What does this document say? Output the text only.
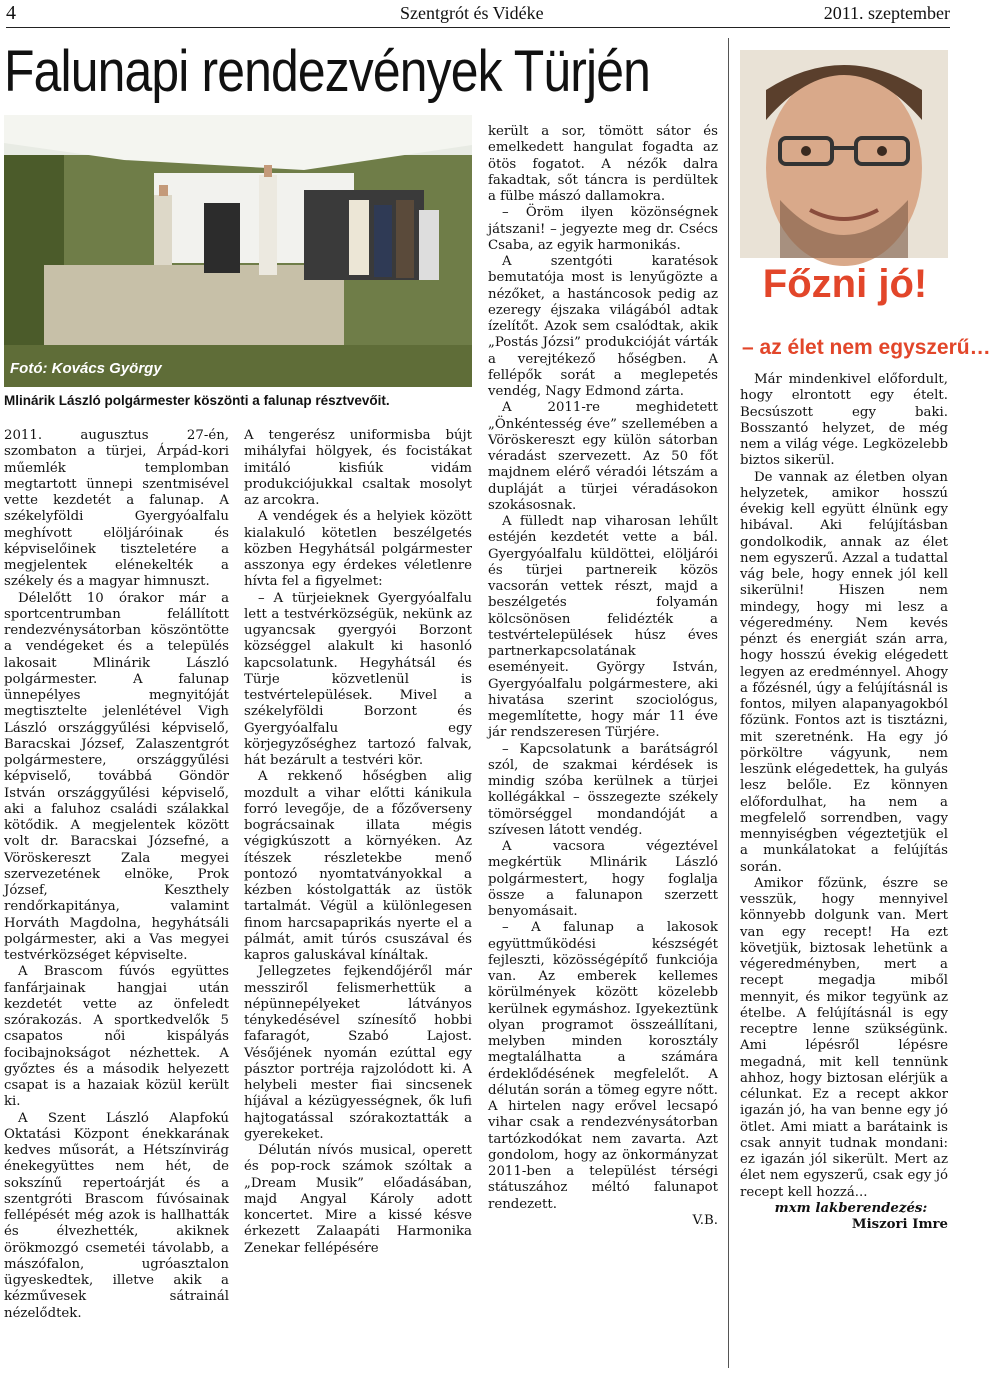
4	Szentgrót és Vidéke	2011. szeptember
Falunapi rendezvények Türjén
Fotó: Kovács György
Mlinárik László polgármester köszönti a falunap résztvevőit.

2011. augusztus 27-én, szombaton a türjei, Árpád-kori műemlék templomban megtartott ünnepi szentmisével vette kezdetét a falunap. A székelyföldi Gyergyóalfalu meghívott elöljáróinak és képviselőinek tiszteletére a megjelentek elénekelték a székely és a magyar himnuszt.

Délelőtt 10 órakor már a sportcentrumban felállított rendezvénysátorban köszöntötte a vendégeket és a település lakosait Mlinárik László polgármester. A falunap ünnepélyes megnyitóját megtisztelte jelenlétével Vigh László országgyűlési képviselő, Baracskai József, Zalaszentgrót polgármestere, országgyűlési képviselő, továbbá Göndör István országgyűlési képviselő, aki a faluhoz családi szálakkal kötődik. A megjelentek között volt dr. Baracskai Józsefné, a Vöröskereszt Zala megyei szervezetének elnöke, Prok József, Keszthely rendőrkapitánya, valamint Horváth Magdolna, hegyhátsáli polgármester, aki a Vas megyei testvérközséget képviselte.

A Brascom fúvós együttes fanfárjainak hangjai után kezdetét vette az önfeledt szórakozás. A sportkedvelők 5 csapatos női kispályás focibajnokságot nézhettek. A győztes és a második helyezett csapat is a hazaiak közül került ki.

A Szent László Alapfokú Oktatási Központ énekkarának kedves műsorát, a Hétszínvirág énekegyüttes nem hét, de sokszínű repertoárját és a szentgróti Brascom fúvósainak fellépését még azok is hallhatták és élvezhették, akiknek örökmozgó csemetéi távolabb, a mászófalon, ugróasztalon ügyeskedtek, illetve akik a kézművesek sátrainál nézelődtek.

A tengerész uniformisba bújt mihályfai hölgyek, és focistákat imitáló kisfiúk vidám produkciójukkal csaltak mosolyt az arcokra.

A vendégek és a helyiek között kialakuló kötetlen beszélgetés közben Hegyhátsál polgármester asszonya egy érdekes véletlenre hívta fel a figyelmet:

– A türjeieknek Gyergyóalfalu lett a testvérközségük, nekünk az ugyancsak gyergyói Borzont községgel alakult ki hasonló kapcsolatunk. Hegyhátsál és Türje közvetlenül is testvértelepülések. Mivel a székelyföldi Borzont és Gyergyóalfalu egy körjegyzőséghez tartozó falvak, hát bezárult a testvéri kör.

A rekkenő hőségben alig mozdult a vihar előtti kánikula forró levegője, de a főzőverseny bográcsainak illata mégis végigkúszott a környéken. Az ítészek részletekbe menő pontozó nyomtatványokkal a kézben kóstolgatták az üstök tartalmát. Végül a különlegesen finom harcsapaprikás nyerte el a pálmát, amit túrós csuszával és kapros galuskával kínáltak.

Jellegzetes fejkendőjéről már messziről felismerhettük a népünnepélyeket látványos ténykedésével színesítő hobbi fafaragót, Szabó Lajost. Vésőjének nyomán ezúttal egy pásztor portréja rajzolódott ki. A helybeli mester fiai sincsenek híjával a kézügyességnek, ők lufi hajtogatással szórakoztatták a gyerekeket.

Délután nívós musical, operett és pop-rock számok szóltak a „Dream Musik” előadásában, majd Angyal Károly adott koncertet. Mire a kissé késve érkezett Zalaapáti Harmonika Zenekar fellépésére

került a sor, tömött sátor és emelkedett hangulat fogadta az ötös fogatot. A nézők dalra fakadtak, sőt táncra is perdültek a fülbe mászó dallamokra.

– Öröm ilyen közönségnek játszani! – jegyezte meg dr. Csécs Csaba, az egyik harmonikás.

A szentgóti karatésok bemutatója most is lenyűgözte a nézőket, a hastáncosok pedig az ezeregy éjszaka világából adtak ízelítőt. Azok sem csalódtak, akik „Postás Józsi” produkcióját várták a verejtékező hőségben. A fellépők sorát a meglepetés vendég, Nagy Edmond zárta.

A 2011-re meghidetett „Önkéntesség éve” szellemében a Vöröskereszt egy külön sátorban véradást szervezett. Az 50 főt majdnem elérő véradói létszám a dupláját a türjei véradásokon szokásosnak.

A fülledt nap viharosan lehűlt estéjén kezdetét vette a bál. Gyergyóalfalu küldöttei, elöljárói és türjei partnereik közös vacsorán vettek részt, majd a beszélgetés folyamán kölcsönösen felidézték a testvértelepülések húsz éves partnerkapcsolatának eseményeit. György István, Gyergyóalfalu polgármestere, aki hivatása szerint szociológus, megemlítette, hogy már 11 éve jár rendszeresen Türjére.

– Kapcsolatunk a barátságról szól, de szakmai kérdések is mindig szóba kerülnek a türjei kollégákkal – összegezte székely tömörséggel mondandóját a szívesen látott vendég.

A vacsora végeztével megkértük Mlinárik László polgármestert, hogy foglalja össze a falunapon szerzett benyomásait.

– A falunap a lakosok együttműködési készségét fejleszti, közösségépítő funkciója van. Az emberek kellemes körülmények között közelebb kerülnek egymáshoz. Igyekeztünk olyan programot összeállítani, melyben minden korosztály megtalálhatta a számára érdeklődésének megfelelőt. A délután során a tömeg egyre nőtt. A hirtelen nagy erővel lecsapó vihar csak a rendezvénysátorban tartózkodókat nem zavarta. Azt gondolom, hogy az önkormányzat 2011-ben a települést térségi státuszához méltó falunapot rendezett.

V.B.

Főzni jó!
– az élet nem egyszerű…

Már mindenkivel előfordult, hogy elrontott egy ételt. Becsúszott egy baki. Bosszantó helyzet, de még nem a világ vége. Legközelebb biztos sikerül.

De vannak az életben olyan helyzetek, amikor hosszú évekig kell együtt élnünk egy hibával. Aki felújításban gondolkodik, annak az élet nem egyszerű. Azzal a tudattal vág bele, hogy ennek jól kell sikerülni! Hiszen nem mindegy, hogy mi lesz a végeredmény. Nem kevés pénzt és energiát szán arra, hogy hosszú évekig elégedett legyen az eredménnyel. Ahogy a főzésnél, úgy a felújításnál is fontos, milyen alapanyagokból főzünk. Fontos azt is tisztázni, mit szeretnénk. Ha egy jó pörköltre vágyunk, nem leszünk elégedettek, ha gulyás lesz belőle. Ez könnyen előfordulhat, ha nem a megfelelő sorrendben, vagy mennyiségben végeztetjük el a munkálatokat a felújítás során.

Amikor főzünk, észre se vesszük, hogy mennyivel könnyebb dolgunk van. Mert van egy recept! Ha ezt követjük, biztosak lehetünk a végeredményben, mert a recept megadja miből mennyit, és mikor tegyünk az ételbe. A felújításnál is egy receptre lenne szükségünk. Ami lépésről lépésre megadná, mit kell tennünk ahhoz, hogy biztosan elérjük a célunkat. Ez a recept akkor igazán jó, ha van benne egy jó ötlet. Ami miatt a barátaink is csak annyit tudnak mondani: ez igazán jól sikerült. Mert az élet nem egyszerű, csak egy jó recept kell hozzá...

mxm lakberendezés:

Miszori Imre
